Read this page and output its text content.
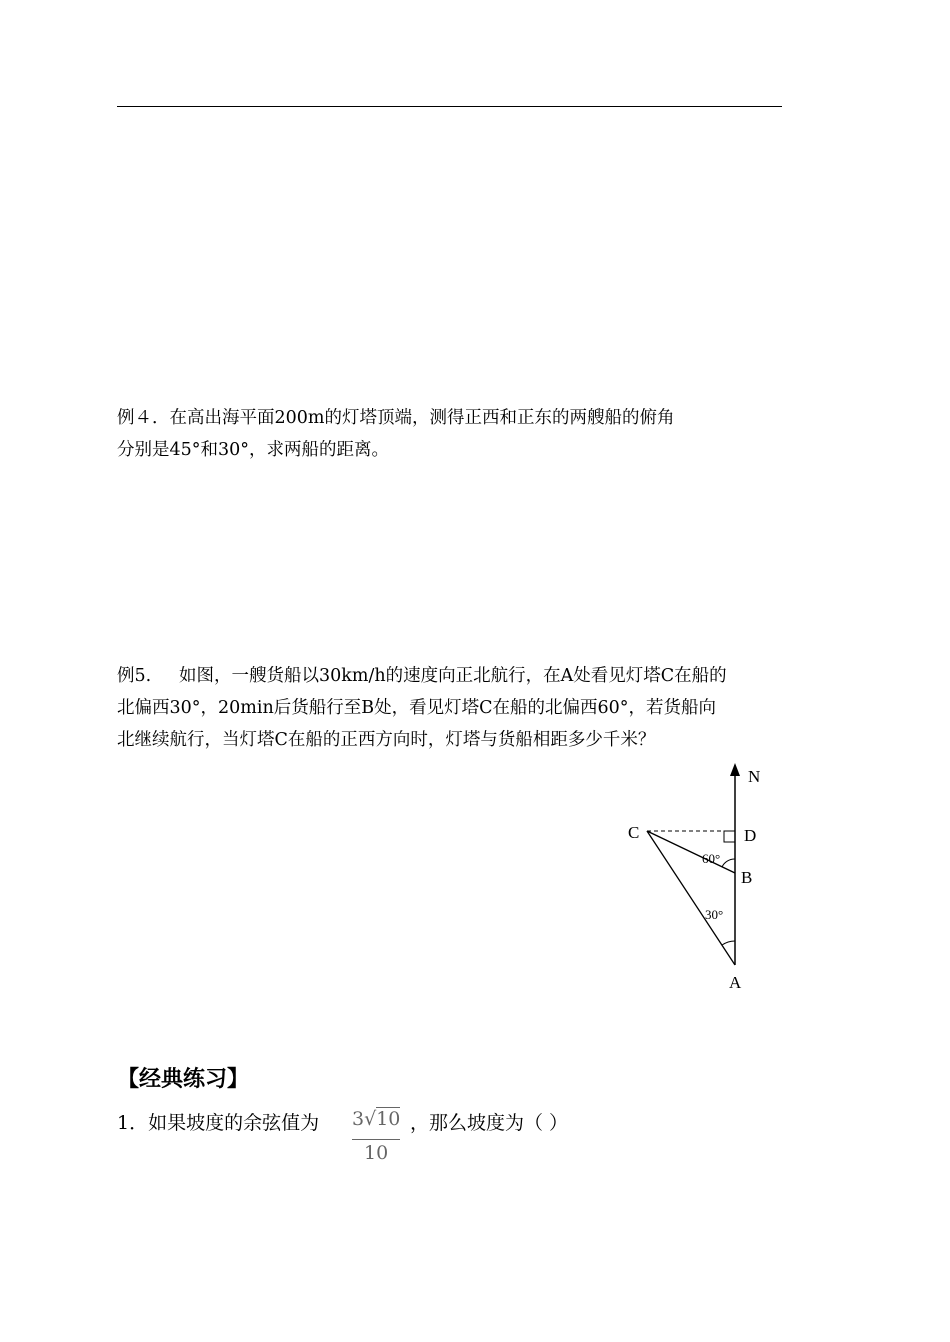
例４．在高出海平面200m的灯塔顶端，测得正西和正东的两艘船的俯角
分别是45°和30°，求两船的距离。
例5.     如图，一艘货船以30km/h的速度向正北航行，在A处看见灯塔C在船的
北偏西30°，20min后货船行至B处，看见灯塔C在船的北偏西60°，若货船向
北继续航行，当灯塔C在船的正西方向时，灯塔与货船相距多少千米？
N
C	D
B
A
60°
30°
【经典练习】
1．如果坡度的余弦值为 3√10
10
，那么坡度为（ ）
